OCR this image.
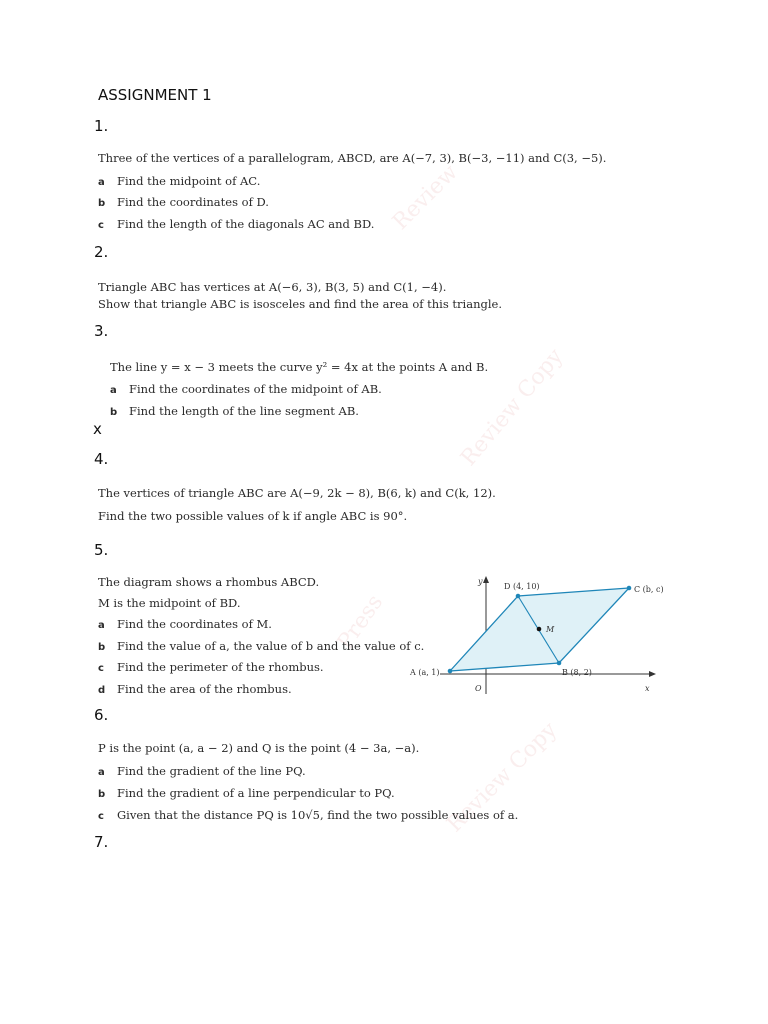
Review
Review Copy
Press
Review Copy
ASSIGNMENT 1
1.
Three of the vertices of a parallelogram, ABCD, are A(−7, 3), B(−3, −11) and C(3, −5).
a Find the midpoint of AC.
b Find the coordinates of D.
c Find the length of the diagonals AC and BD.
2.
Triangle ABC has vertices at A(−6, 3), B(3, 5) and C(1, −4).
Show that triangle ABC is isosceles and find the area of this triangle.
3.
The line y = x − 3 meets the curve y² = 4x at the points A and B.
a Find the coordinates of the midpoint of AB.
b Find the length of the line segment AB.
x
4.
The vertices of triangle ABC are A(−9, 2k − 8), B(6, k) and C(k, 12).
Find the two possible values of k if angle ABC is 90°.
5.
The diagram shows a rhombus ABCD.
M is the midpoint of BD.
a Find the coordinates of M.
b Find the value of a, the value of b and the value of c.
c Find the perimeter of the rhombus.
d Find the area of the rhombus.
y
x
O
A (a, 1)	B (8, 2)
C (b, c)
D (4, 10)
M
6.
P is the point (a, a − 2) and Q is the point (4 − 3a, −a).
a Find the gradient of the line PQ.
b Find the gradient of a line perpendicular to PQ.
c Given that the distance PQ is 10√5, find the two possible values of a.
7.
